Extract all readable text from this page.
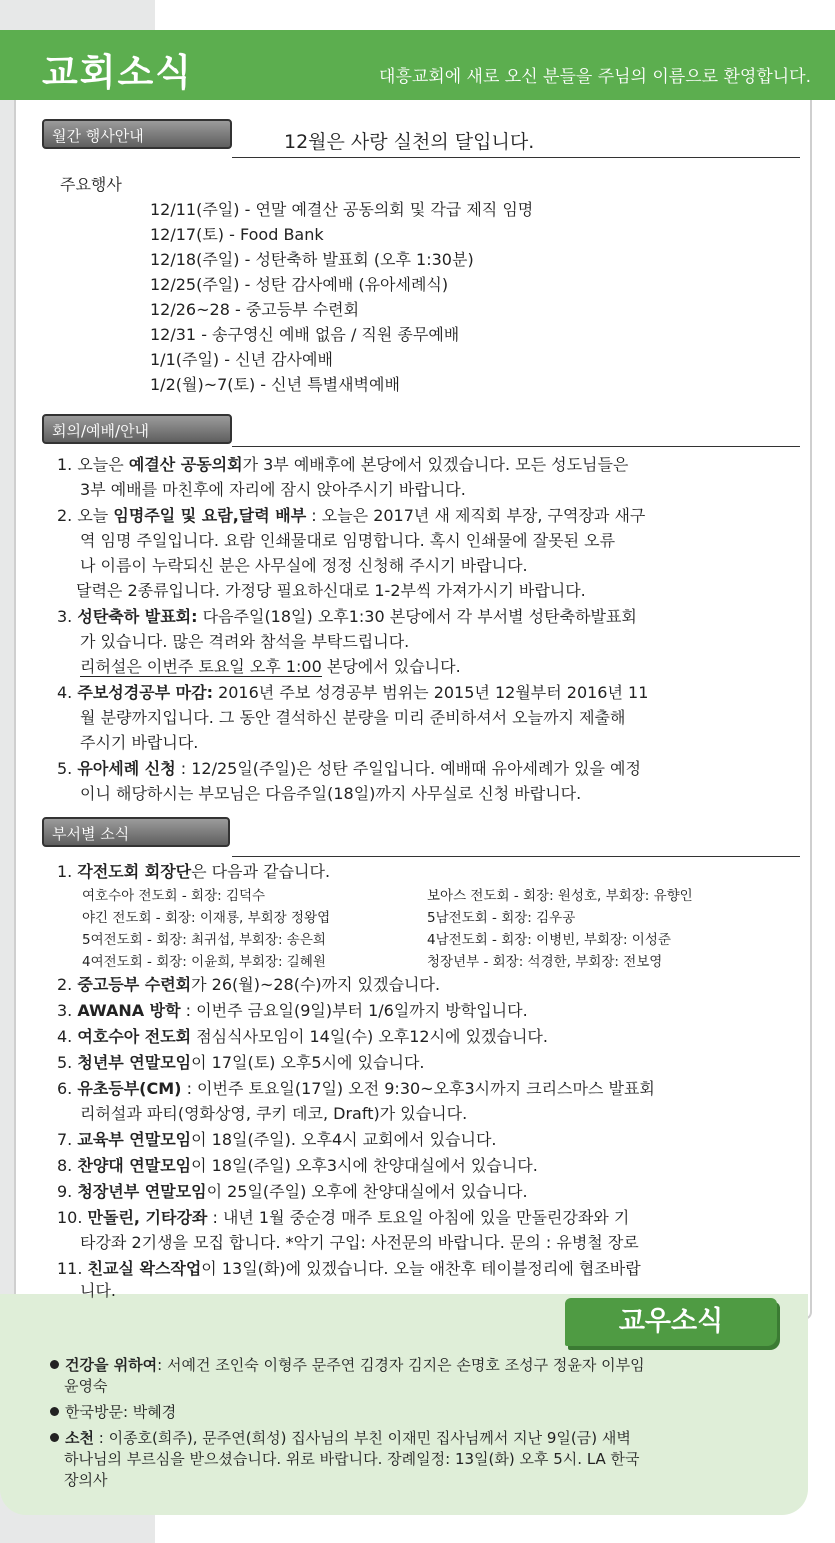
교회소식	대흥교회에 새로 오신 분들을 주님의 이름으로 환영합니다.
월간 행사안내	12월은 사랑 실천의 달입니다.
주요행사
12/11(주일) - 연말 예결산 공동의회 및 각급 제직 임명
12/17(토) - Food Bank
12/18(주일) - 성탄축하 발표회 (오후 1:30분)
12/25(주일) - 성탄 감사예배 (유아세례식)
12/26~28 - 중고등부 수련회
12/31 - 송구영신 예배 없음 / 직원 종무예배
1/1(주일) - 신년 감사예배
1/2(월)~7(토) - 신년 특별새벽예배
회의/예배/안내
1. 오늘은 예결산 공동의회가 3부 예배후에 본당에서 있겠습니다. 모든 성도님들은
3부 예배를 마친후에 자리에 잠시 앉아주시기 바랍니다.
2. 오늘 임명주일 및 요람,달력 배부 : 오늘은 2017년 새 제직회 부장, 구역장과 새구
역 임명 주일입니다. 요람 인쇄물대로 임명합니다. 혹시 인쇄물에 잘못된 오류
나 이름이 누락되신 분은 사무실에 정정 신청해 주시기 바랍니다.
달력은 2종류입니다. 가정당 필요하신대로 1-2부씩 가져가시기 바랍니다.
3. 성탄축하 발표회: 다음주일(18일) 오후1:30 본당에서 각 부서별 성탄축하발표회
가 있습니다. 많은 격려와 참석을 부탁드립니다.
리허설은 이번주 토요일 오후 1:00 본당에서 있습니다.
4. 주보성경공부 마감: 2016년 주보 성경공부 범위는 2015년 12월부터 2016년 11
월 분량까지입니다. 그 동안 결석하신 분량을 미리 준비하셔서 오늘까지 제출해
주시기 바랍니다.
5. 유아세례 신청 : 12/25일(주일)은 성탄 주일입니다. 예배때 유아세례가 있을 예정
이니 해당하시는 부모님은 다음주일(18일)까지 사무실로 신청 바랍니다.
부서별 소식
1. 각전도회 회장단은 다음과 같습니다.
여호수아 전도회 - 회장: 김덕수	보아스 전도회 - 회장: 원성호, 부회장: 유향인
야긴 전도회 - 회장: 이재룡, 부회장 정왕엽	5남전도회 - 회장: 김우공
5여전도회 - 회장: 최귀섭, 부회장: 송은희	4남전도회 - 회장: 이병빈, 부회장: 이성준
4여전도회 - 회장: 이윤희, 부회장: 길혜원	청장년부 - 회장: 석경한, 부회장: 전보영
2. 중고등부 수련회가 26(월)~28(수)까지 있겠습니다.
3. AWANA 방학 : 이번주 금요일(9일)부터 1/6일까지 방학입니다.
4. 여호수아 전도회 점심식사모임이 14일(수) 오후12시에 있겠습니다.
5. 청년부 연말모임이 17일(토) 오후5시에 있습니다.
6. 유초등부(CM) : 이번주 토요일(17일) 오전 9:30~오후3시까지 크리스마스 발표회
리허설과 파티(영화상영, 쿠키 데코, Draft)가 있습니다.
7. 교육부 연말모임이 18일(주일). 오후4시 교회에서 있습니다.
8. 찬양대 연말모임이 18일(주일) 오후3시에 찬양대실에서 있습니다.
9. 청장년부 연말모임이 25일(주일) 오후에 찬양대실에서 있습니다.
10. 만돌린, 기타강좌 : 내년 1월 중순경 매주 토요일 아침에 있을 만돌린강좌와 기
타강좌 2기생을 모집 합니다. *악기 구입: 사전문의 바랍니다. 문의 : 유병철 장로
11. 친교실 왁스작업이 13일(화)에 있겠습니다. 오늘 애찬후 테이블정리에 협조바랍
니다.
교우소식
건강을 위하여: 서예건 조인숙 이형주 문주연 김경자 김지은 손명호 조성구 정윤자 이부임
윤영숙
한국방문: 박혜경
소천 : 이종호(희주), 문주연(희성) 집사님의 부친 이재민 집사님께서 지난 9일(금) 새벽
하나님의 부르심을 받으셨습니다. 위로 바랍니다. 장례일정: 13일(화) 오후 5시. LA 한국
장의사
